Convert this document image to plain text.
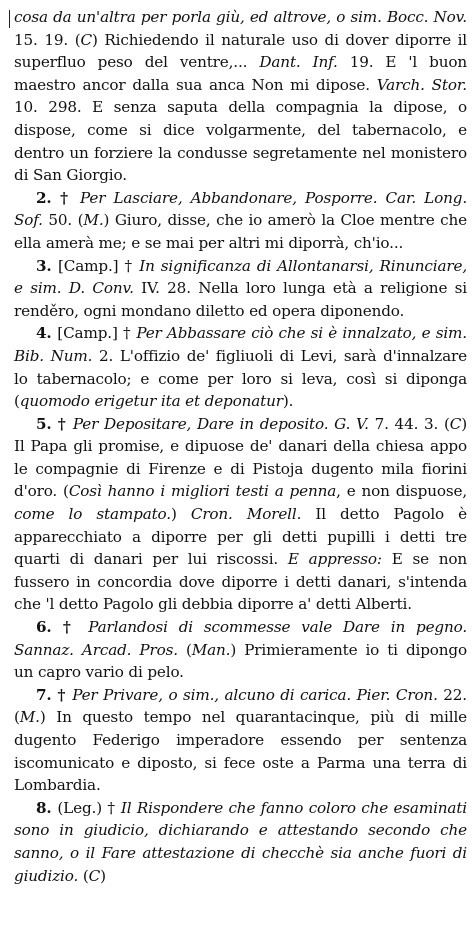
cosa da un'altra per porla giù, ed altrove, o sim. Bocc. Nov. 15. 19. (C) Richiedendo il naturale uso di dover diporre il superfluo peso del ventre,... Dant. Inf. 19. E 'l buon maestro ancor dalla sua anca Non mi dipose. Varch. Stor. 10. 298. E senza saputa della compagnia la dipose, o dispose, come si dice volgarmente, del tabernacolo, e dentro un forziere la condusse segretamente nel monistero di San Giorgio.

2. † Per Lasciare, Abbandonare, Posporre. Car. Long. Sof. 50. (M.) Giuro, disse, che io amerò la Cloe mentre che ella amerà me; e se mai per altri mi diporrà, ch'io...

3. [Camp.] † In significanza di Allontanarsi, Rinunciare, e sim. D. Conv. IV. 28. Nella loro lunga età a religione si renděro, ogni mondano diletto ed opera diponendo.

4. [Camp.] † Per Abbassare ciò che si è innalzato, e sim. Bib. Num. 2. L'offizio de' figliuoli di Levi, sarà d'innalzare lo tabernacolo; e come per loro si leva, così si diponga (quomodo erigetur ita et deponatur).

5. † Per Depositare, Dare in deposito. G. V. 7. 44. 3. (C) Il Papa gli promise, e dipuose de' danari della chiesa appo le compagnie di Firenze e di Pistoja dugento mila fiorini d'oro. (Così hanno i migliori testi a penna, e non dispuose, come lo stampato.) Cron. Morell. Il detto Pagolo è apparecchiato a diporre per gli detti pupilli i detti tre quarti di danari per lui riscossi. E appresso: E se non fussero in concordia dove diporre i detti danari, s'intenda che 'l detto Pagolo gli debbia diporre a' detti Alberti.

6. † Parlandosi di scommesse vale Dare in pegno. Sannaz. Arcad. Pros. (Man.) Primieramente io ti dipongo un capro vario di pelo.

7. † Per Privare, o sim., alcuno di carica. Pier. Cron. 22. (M.) In questo tempo nel quarantacinque, più di mille dugento Federigo imperadore essendo per sentenza iscomunicato e diposto, si fece oste a Parma una terra di Lombardia.

8. (Leg.) † Il Rispondere che fanno coloro che esaminati sono in giudicio, dichiarando e attestando secondo che sanno, o il Fare attestazione di checchè sia anche fuori di giudizio. (C)
